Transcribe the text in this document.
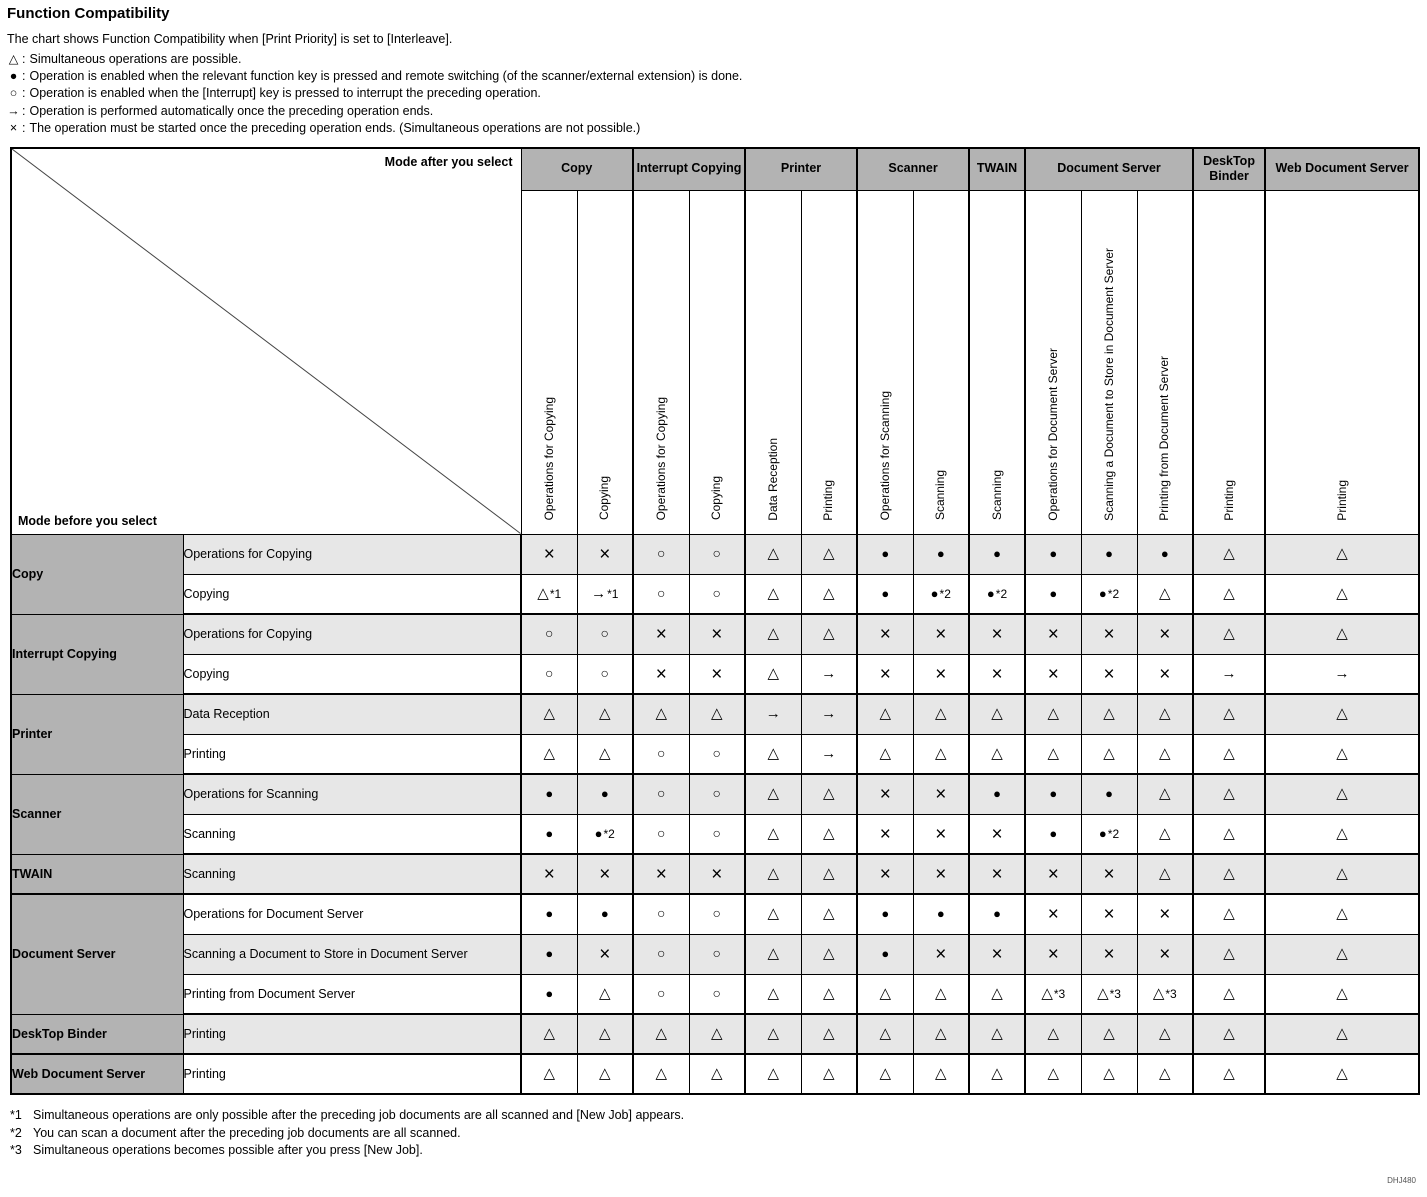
Function Compatibility
The chart shows Function Compatibility when [Print Priority] is set to [Interleave].
△ : Simultaneous operations are possible.
● : Operation is enabled when the relevant function key is pressed and remote switching (of the scanner/external extension) is done.
○ : Operation is enabled when the [Interrupt] key is pressed to interrupt the preceding operation.
→ : Operation is performed automatically once the preceding operation ends.
× : The operation must be started once the preceding operation ends. (Simultaneous operations are not possible.)
Mode after you select
Mode before you select		Copy		Interrupt Copying		Printer		Scanner		TWAIN	Document Server			DeskTop Binder	Web Document Server
		Operations for Copying	Copying	Operations for Copying	Copying	Data Reception	Printing	Operations for Scanning	Scanning	Scanning	Operations for Document Server	Scanning a Document to Store in Document Server	Printing from Document Server	Printing	Printing
Copy	Operations for Copying	×	×	○	○	△	△	●	●	●	●	●	●	△	△
	Copying	△*1	→*1	○	○	△	△	●	●*2	●*2	●	●*2	△	△	△
Interrupt Copying	Operations for Copying	○	○	×	×	△	△	×	×	×	×	×	×	△	△
	Copying	○	○	×	×	△	→	×	×	×	×	×	×	→	→
Printer	Data Reception	△	△	△	△	→	→	△	△	△	△	△	△	△	△
	Printing	△	△	○	○	△	→	△	△	△	△	△	△	△	△
Scanner	Operations for Scanning	●	●	○	○	△	△	×	×	●	●	●	△	△	△
	Scanning	●	●*2	○	○	△	△	×	×	×	●	●*2	△	△	△
TWAIN	Scanning	×	×	×	×	△	△	×	×	×	×	×	△	△	△
Document Server	Operations for Document Server	●	●	○	○	△	△	●	●	●	×	×	×	△	△
	Scanning a Document to Store in Document Server	●	×	○	○	△	△	●	×	×	×	×	×	△	△
	Printing from Document Server	●	△	○	○	△	△	△	△	△	△*3	△*3	△*3	△	△
DeskTop Binder	Printing	△	△	△	△	△	△	△	△	△	△	△	△	△	△
Web Document Server	Printing	△	△	△	△	△	△	△	△	△	△	△	△	△	△
*1 Simultaneous operations are only possible after the preceding job documents are all scanned and [New Job] appears.
*2 You can scan a document after the preceding job documents are all scanned.
*3 Simultaneous operations becomes possible after you press [New Job].
DHJ480
